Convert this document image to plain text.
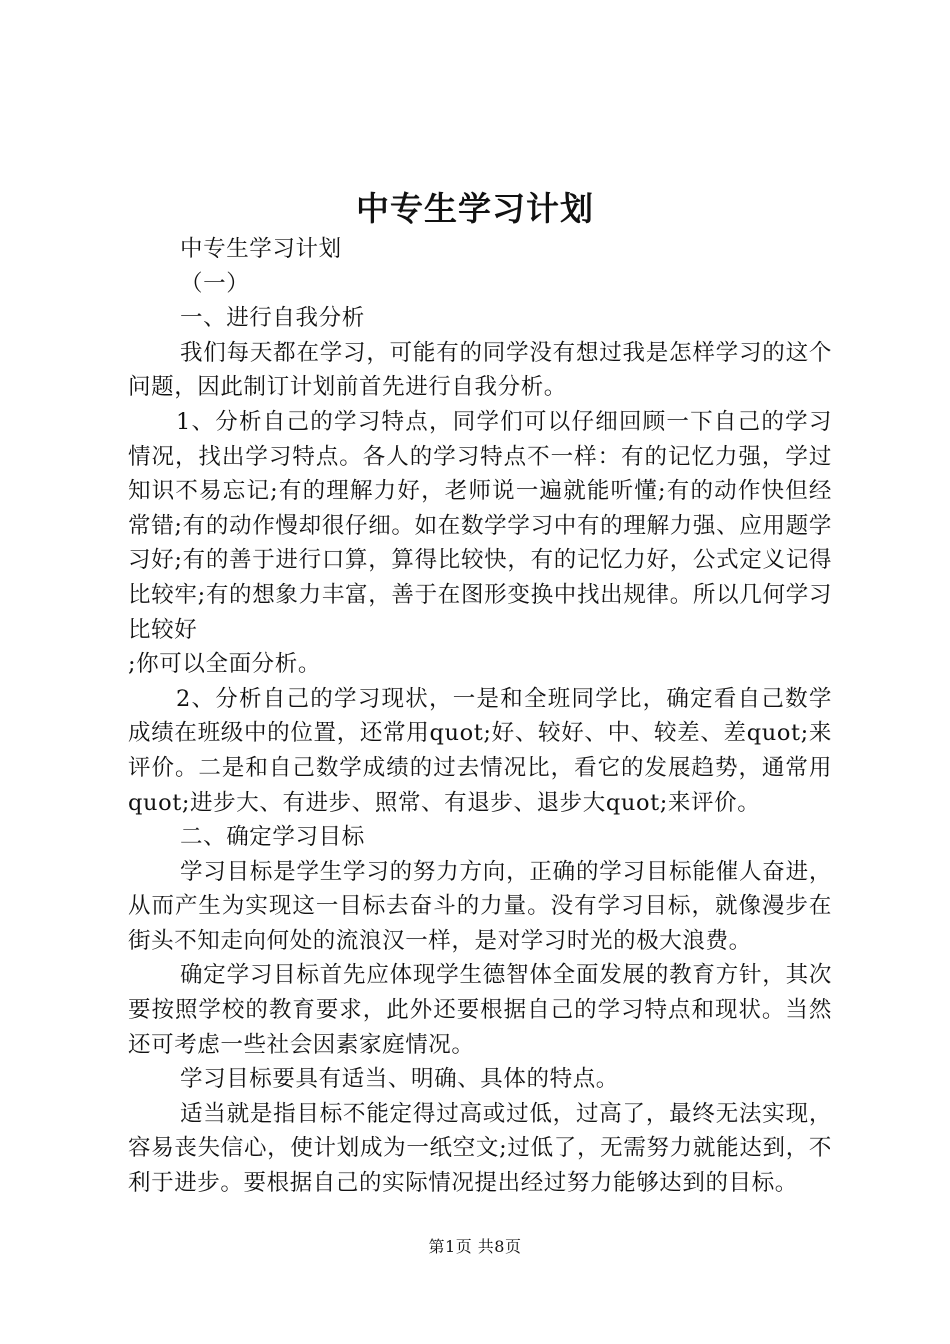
中专生学习计划

中专生学习计划

（一）

一、进行自我分析

我们每天都在学习，可能有的同学没有想过我是怎样学习的这个问题，因此制订计划前首先进行自我分析。

1、分析自己的学习特点，同学们可以仔细回顾一下自己的学习情况，找出学习特点。各人的学习特点不一样：有的记忆力强，学过知识不易忘记;有的理解力好，老师说一遍就能听懂;有的动作快但经常错;有的动作慢却很仔细。如在数学学习中有的理解力强、应用题学习好;有的善于进行口算，算得比较快，有的记忆力好，公式定义记得比较牢;有的想象力丰富，善于在图形变换中找出规律。所以几何学习比较好

;你可以全面分析。

2、分析自己的学习现状，一是和全班同学比，确定看自己数学成绩在班级中的位置，还常用quot;好、较好、中、较差、差quot;来评价。二是和自己数学成绩的过去情况比，看它的发展趋势，通常用quot;进步大、有进步、照常、有退步、退步大quot;来评价。

二、确定学习目标

学习目标是学生学习的努力方向，正确的学习目标能催人奋进，从而产生为实现这一目标去奋斗的力量。没有学习目标，就像漫步在街头不知走向何处的流浪汉一样，是对学习时光的极大浪费。

确定学习目标首先应体现学生德智体全面发展的教育方针，其次要按照学校的教育要求，此外还要根据自己的学习特点和现状。当然还可考虑一些社会因素家庭情况。

学习目标要具有适当、明确、具体的特点。

适当就是指目标不能定得过高或过低，过高了，最终无法实现，容易丧失信心，使计划成为一纸空文;过低了，无需努力就能达到，不利于进步。要根据自己的实际情况提出经过努力能够达到的目标。

第1页 共8页
